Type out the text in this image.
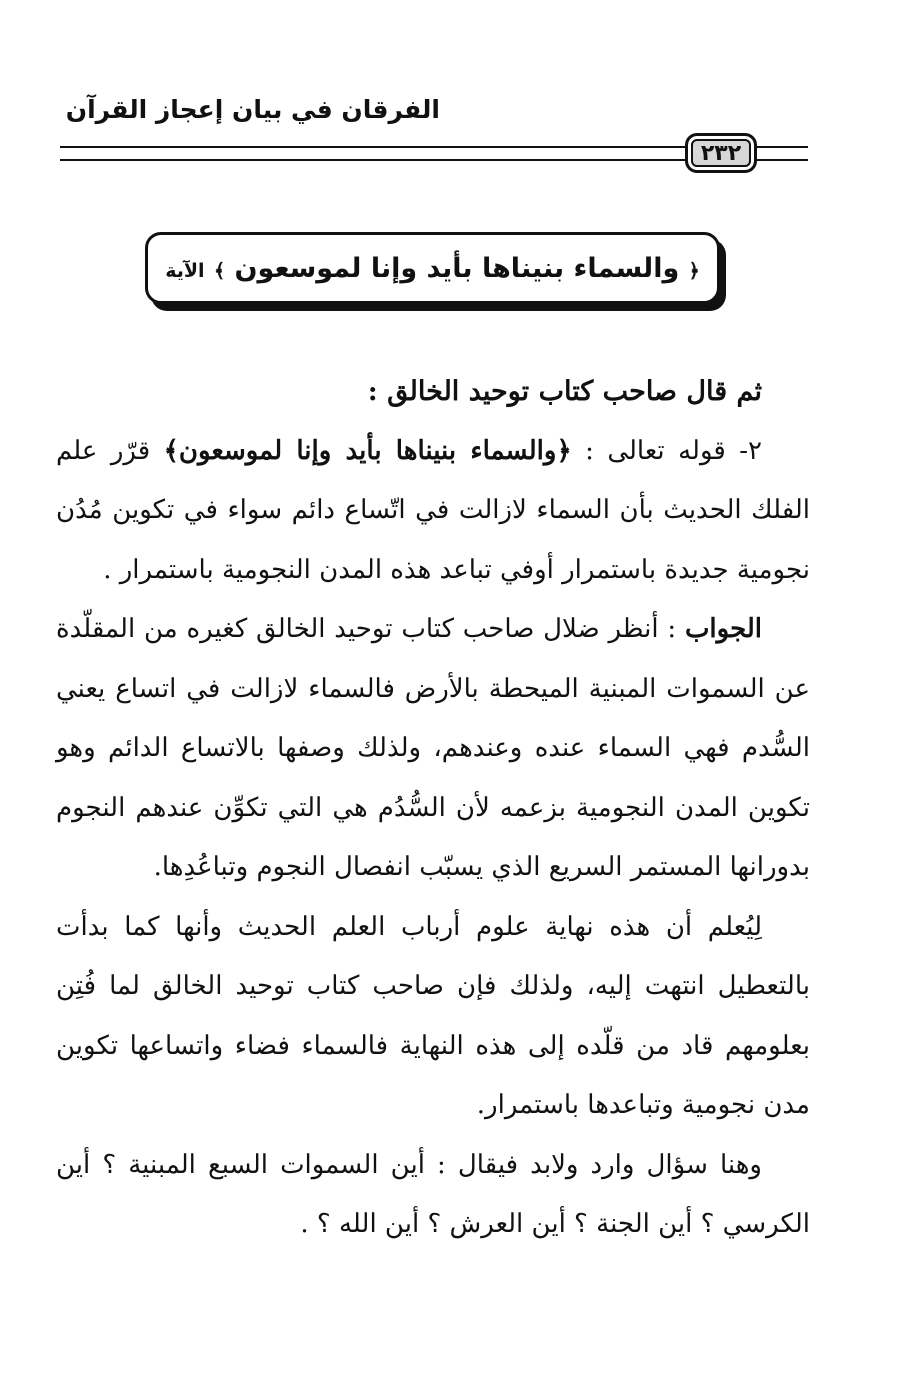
الفرقان في بيان إعجاز القرآن
٢٣٢
﴿ والسماء بنيناها بأيد وإنا لموسعون ﴾ الآية

ثم قال صاحب كتاب توحيد الخالق :

٢- قوله تعالى : ﴿والسماء بنيناها بأيد وإنا لموسعون﴾ قرّر علم الفلك الحديث بأن السماء لازالت في اتّساع دائم سواء في تكوين مُدُن نجومية جديدة باستمرار أوفي تباعد هذه المدن النجومية باستمرار .

الجواب : أنظر ضلال صاحب كتاب توحيد الخالق كغيره من المقلّدة عن السموات المبنية الميحطة بالأرض فالسماء لازالت في اتساع يعني السُّدم فهي السماء عنده وعندهم، ولذلك وصفها بالاتساع الدائم وهو تكوين المدن النجومية بزعمه لأن السُّدُم هي التي تكوِّن عندهم النجوم بدورانها المستمر السريع الذي يسبّب انفصال النجوم وتباعُدِها.

لِيُعلم أن هذه نهاية علوم أرباب العلم الحديث وأنها كما بدأت بالتعطيل انتهت إليه، ولذلك فإن صاحب كتاب توحيد الخالق لما فُتِن بعلومهم قاد من قلّده إلى هذه النهاية فالسماء فضاء واتساعها تكوين مدن نجومية وتباعدها باستمرار.

وهنا سؤال وارد ولابد فيقال : أين السموات السبع المبنية ؟ أين الكرسي ؟ أين الجنة ؟ أين العرش ؟ أين الله ؟ .
